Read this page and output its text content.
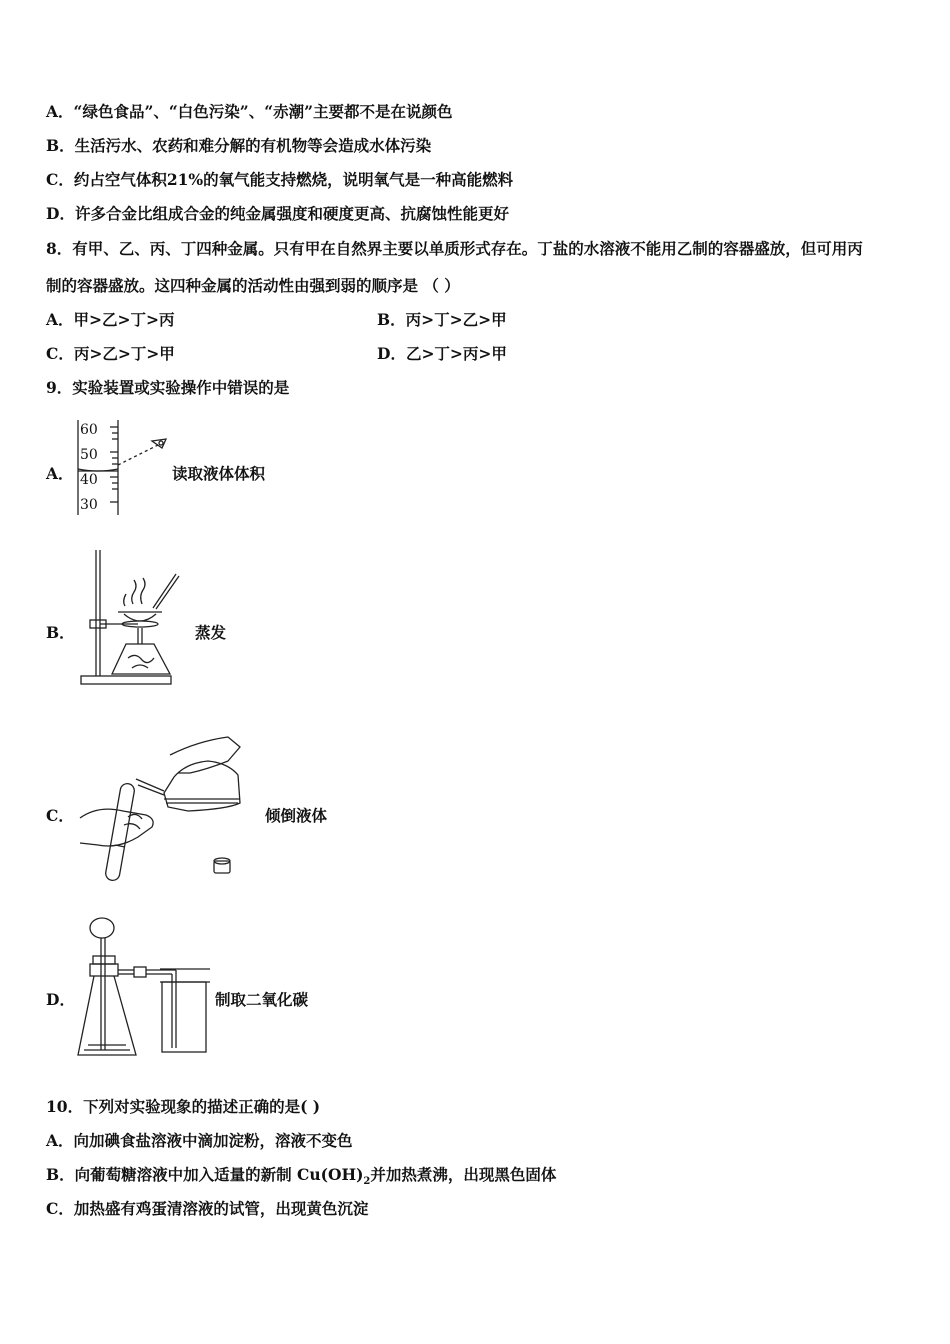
A．“绿色食品”、“白色污染”、“赤潮”主要都不是在说颜色
B．生活污水、农药和难分解的有机物等会造成水体污染
C．约占空气体积21%的氧气能支持燃烧，说明氧气是一种高能燃料
D．许多合金比组成合金的纯金属强度和硬度更高、抗腐蚀性能更好
8．有甲、乙、丙、丁四种金属。只有甲在自然界主要以单质形式存在。丁盐的水溶液不能用乙制的容器盛放，但可用丙
制的容器盛放。这四种金属的活动性由强到弱的顺序是 （ ）
A．甲>乙>丁>丙	B．丙>丁>乙>甲
C．丙>乙>丁>甲	D．乙>丁>丙>甲
9．实验装置或实验操作中错误的是
A．
60
50
40
30
读取液体体积
B．	蒸发
C．	倾倒液体
D．	制取二氧化碳
10．下列对实验现象的描述正确的是( )
A．向加碘食盐溶液中滴加淀粉，溶液不变色
B．向葡萄糖溶液中加入适量的新制 $Cu(OH)_2$并加热煮沸，出现黑色固体
C．加热盛有鸡蛋清溶液的试管，出现黄色沉淀
